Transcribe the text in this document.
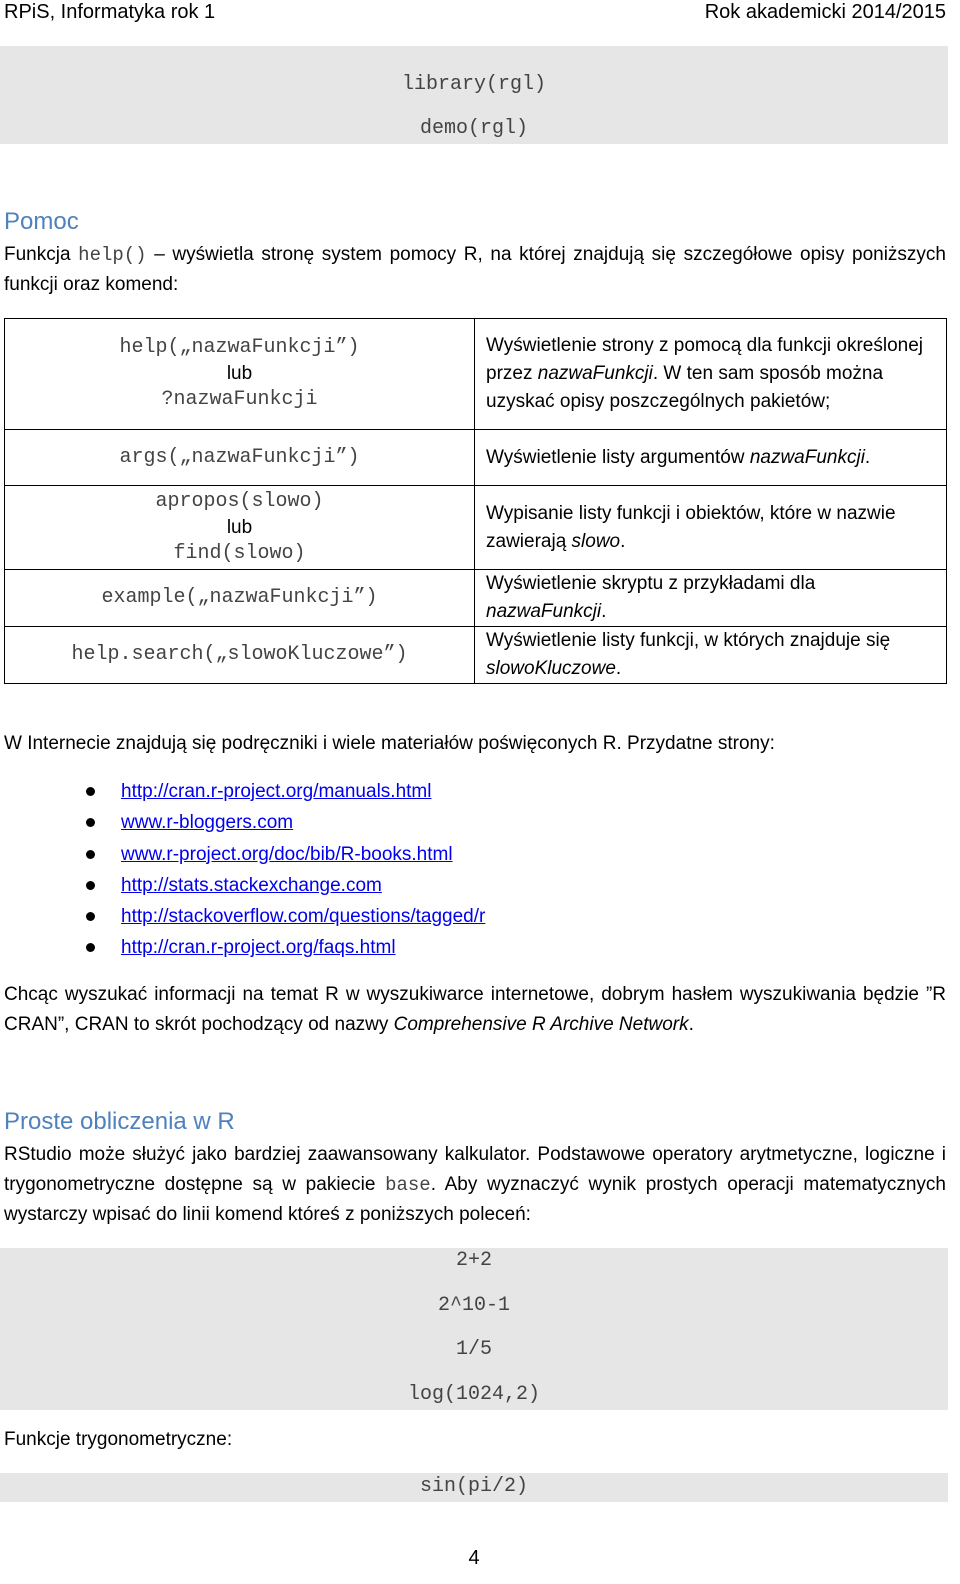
RPiS, Informatyka rok 1	Rok akademicki 2014/2015
library(rgl)
demo(rgl)
Pomoc
Funkcja help() – wyświetla stronę system pomocy R, na której znajdują się szczegółowe opisy poniższych funkcji oraz komend:
help(„nazwaFunkcji”)
lub
?nazwaFunkcji	Wyświetlenie strony z pomocą dla funkcji określonej przez nazwaFunkcji. W ten sam sposób można uzyskać opisy poszczególnych pakietów;

args(„nazwaFunkcji”)	Wyświetlenie listy argumentów nazwaFunkcji.

apropos(slowo)
lub
find(slowo)	Wypisanie listy funkcji i obiektów, które w nazwie zawierają slowo.

example(„nazwaFunkcji”)	Wyświetlenie skryptu z przykładami dla nazwaFunkcji.

help.search(„slowoKluczowe”)	Wyświetlenie listy funkcji, w których znajduje się slowoKluczowe.
W Internecie znajdują się podręczniki i wiele materiałów poświęconych R. Przydatne strony:
http://cran.r-project.org/manuals.html
www.r-bloggers.com
www.r-project.org/doc/bib/R-books.html
http://stats.stackexchange.com
http://stackoverflow.com/questions/tagged/r
http://cran.r-project.org/faqs.html
Chcąc wyszukać informacji na temat R w wyszukiwarce internetowe, dobrym hasłem wyszukiwania będzie ”R CRAN”, CRAN to skrót pochodzący od nazwy Comprehensive R Archive Network.
Proste obliczenia w R
RStudio może służyć jako bardziej zaawansowany kalkulator. Podstawowe operatory arytmetyczne, logiczne i trygonometryczne dostępne są w pakiecie base. Aby wyznaczyć wynik prostych operacji matematycznych wystarczy wpisać do linii komend któreś z poniższych poleceń:
2+2
2^10-1
1/5
log(1024,2)
Funkcje trygonometryczne:
sin(pi/2)
4
